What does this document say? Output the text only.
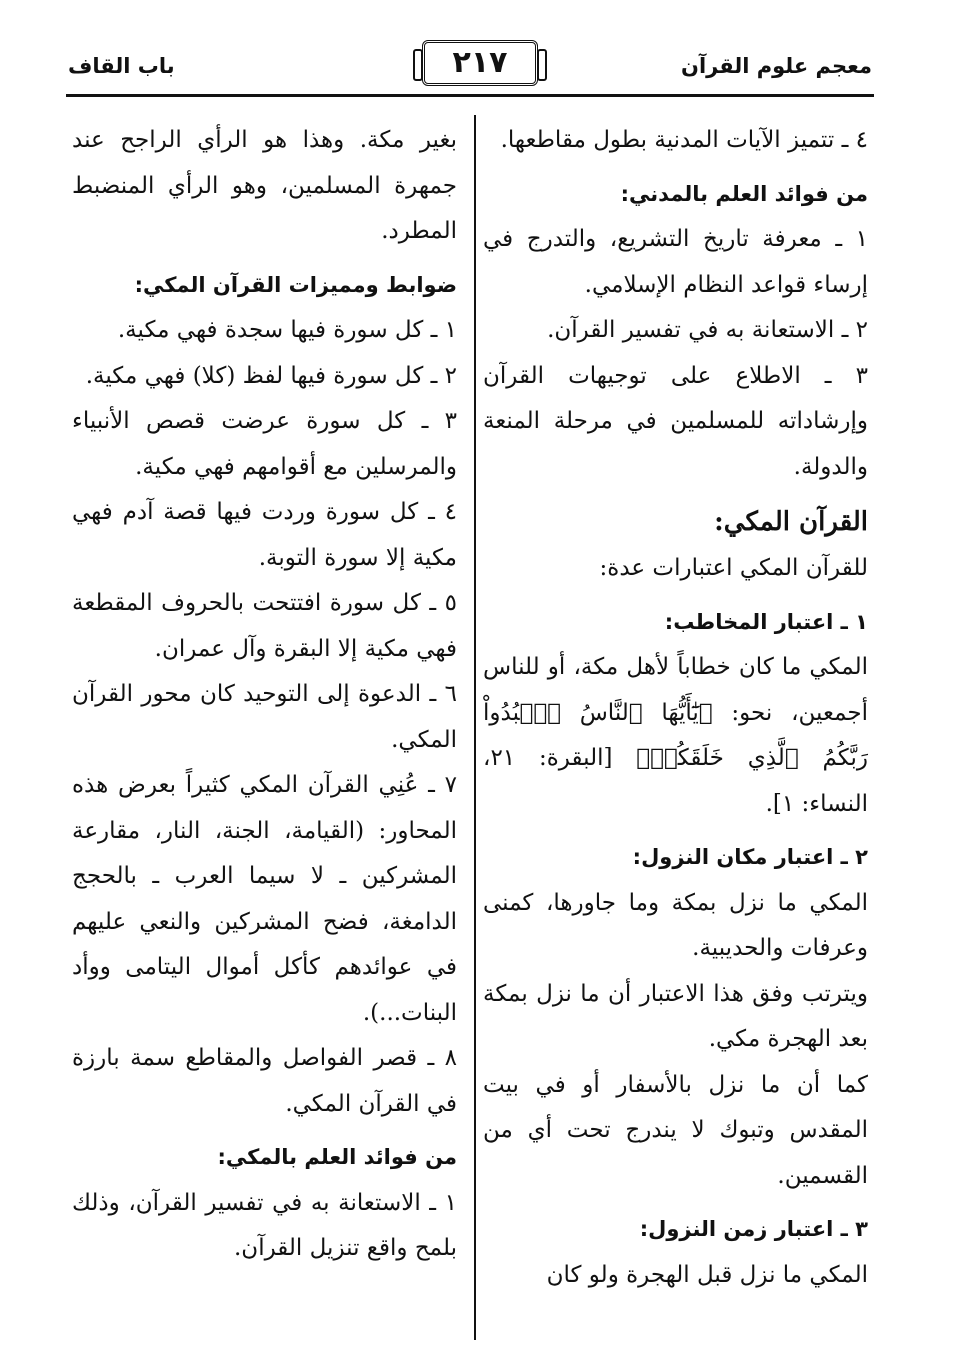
معجم علوم القرآن
٢١٧
باب القاف

٤ ـ تتميز الآيات المدنية بطول مقاطعها.

من فوائد العلم بالمدني:

١ ـ معرفة تاريخ التشريع، والتدرج في إرساء قواعد النظام الإسلامي.

٢ ـ الاستعانة به في تفسير القرآن.

٣ ـ الاطلاع على توجيهات القرآن وإرشاداته للمسلمين في مرحلة المنعة والدولة.

القرآن المكي:

للقرآن المكي اعتبارات عدة:

١ ـ اعتبار المخاطب:

المكي ما كان خطاباً لأهل مكة، أو للناس أجمعين، نحو: ﴿يَٰٓأَيُّهَا ٱلنَّاسُ ٱعۡبُدُواْ رَبَّكُمُ ٱلَّذِي خَلَقَكُمۡ﴾ [البقرة: ٢١، النساء: ١].

٢ ـ اعتبار مكان النزول:

المكي ما نزل بمكة وما جاورها، كمنى وعرفات والحديبية.

ويترتب وفق هذا الاعتبار أن ما نزل بمكة بعد الهجرة مكي.

كما أن ما نزل بالأسفار أو في بيت المقدس وتبوك لا يندرج تحت أي من القسمين.

٣ ـ اعتبار زمن النزول:

المكي ما نزل قبل الهجرة ولو كان

بغير مكة. وهذا هو الرأي الراجح عند جمهرة المسلمين، وهو الرأي المنضبط المطرد.

ضوابط ومميزات القرآن المكي:

١ ـ كل سورة فيها سجدة فهي مكية.

٢ ـ كل سورة فيها لفظ (كلا) فهي مكية.

٣ ـ كل سورة عرضت قصص الأنبياء والمرسلين مع أقوامهم فهي مكية.

٤ ـ كل سورة وردت فيها قصة آدم فهي مكية إلا سورة التوبة.

٥ ـ كل سورة افتتحت بالحروف المقطعة فهي مكية إلا البقرة وآل عمران.

٦ ـ الدعوة إلى التوحيد كان محور القرآن المكي.

٧ ـ عُنِي القرآن المكي كثيراً بعرض هذه المحاور: (القيامة، الجنة، النار، مقارعة المشركين ـ لا سيما العرب ـ بالحجج الدامغة، فضح المشركين والنعي عليهم في عوائدهم كأكل أموال اليتامى ووأد البنات...).

٨ ـ قصر الفواصل والمقاطع سمة بارزة في القرآن المكي.

من فوائد العلم بالمكي:

١ ـ الاستعانة به في تفسير القرآن، وذلك بلمح واقع تنزيل القرآن.
